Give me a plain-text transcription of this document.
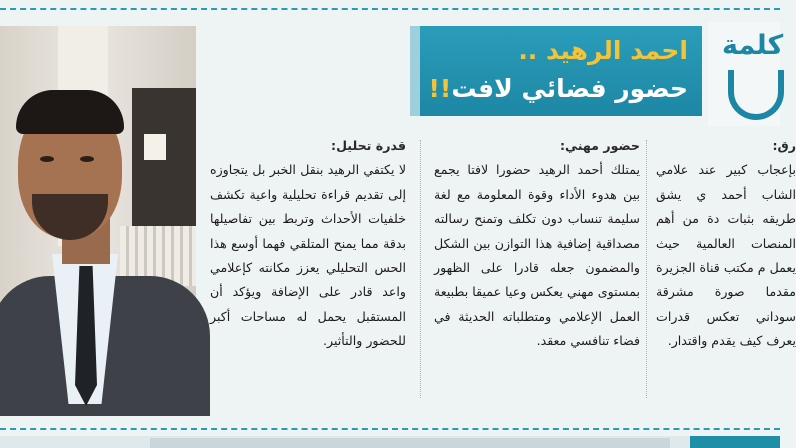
احمد الرهيد ..
حضور فضائي لافت!!
كلمة
قدرة تحليل:
لا يكتفي الرهيد بنقل الخبر بل يتجاوزه إلى تقديم قراءة تحليلية واعية تكشف خلفيات الأحداث وتربط بين تفاصيلها بدقة مما يمنح المتلقي فهما أوسع هذا الحس التحليلي يعزز مكانته كإعلامي واعد قادر على الإضافة ويؤكد أن المستقبل يحمل له مساحات أكبر للحضور والتأثير.
حضور مهني:
يمتلك أحمد الرهيد حضورا لافتا يجمع بين هدوء الأداء وقوة المعلومة مع لغة سليمة تنساب دون تكلف وتمنح رسالته مصداقية إضافية هذا التوازن بين الشكل والمضمون جعله قادرا على الظهور بمستوى مهني يعكس وعيا عميقا بطبيعة العمل الإعلامي ومتطلباته الحديثة في فضاء تنافسي معقد.
رق:
بإعجاب كبير عند علامي الشاب أحمد ي يشق طريقه بثبات دة من أهم المنصات العالمية حيث يعمل م مكتب قناة الجزيرة مقدما صورة مشرقة سوداني تعكس قدرات يعرف كيف يقدم واقتدار.
